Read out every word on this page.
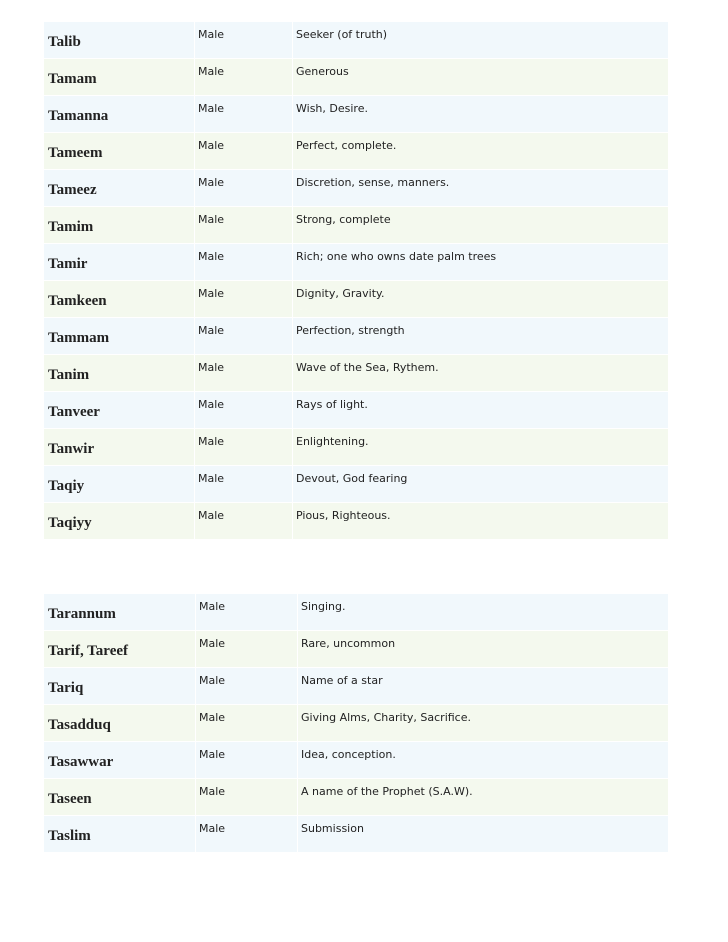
Talib	Male	Seeker (of truth)
Tamam	Male	Generous
Tamanna	Male	Wish, Desire.
Tameem	Male	Perfect, complete.
Tameez	Male	Discretion, sense, manners.
Tamim	Male	Strong, complete
Tamir	Male	Rich; one who owns date palm trees
Tamkeen	Male	Dignity, Gravity.
Tammam	Male	Perfection, strength
Tanim	Male	Wave of the Sea, Rythem.
Tanveer	Male	Rays of light.
Tanwir	Male	Enlightening.
Taqiy	Male	Devout, God fearing
Taqiyy	Male	Pious, Righteous.
Tarannum	Male	Singing.
Tarif, Tareef	Male	Rare, uncommon
Tariq	Male	Name of a star
Tasadduq	Male	Giving Alms, Charity, Sacrifice.
Tasawwar	Male	Idea, conception.
Taseen	Male	A name of the Prophet (S.A.W).
Taslim	Male	Submission
